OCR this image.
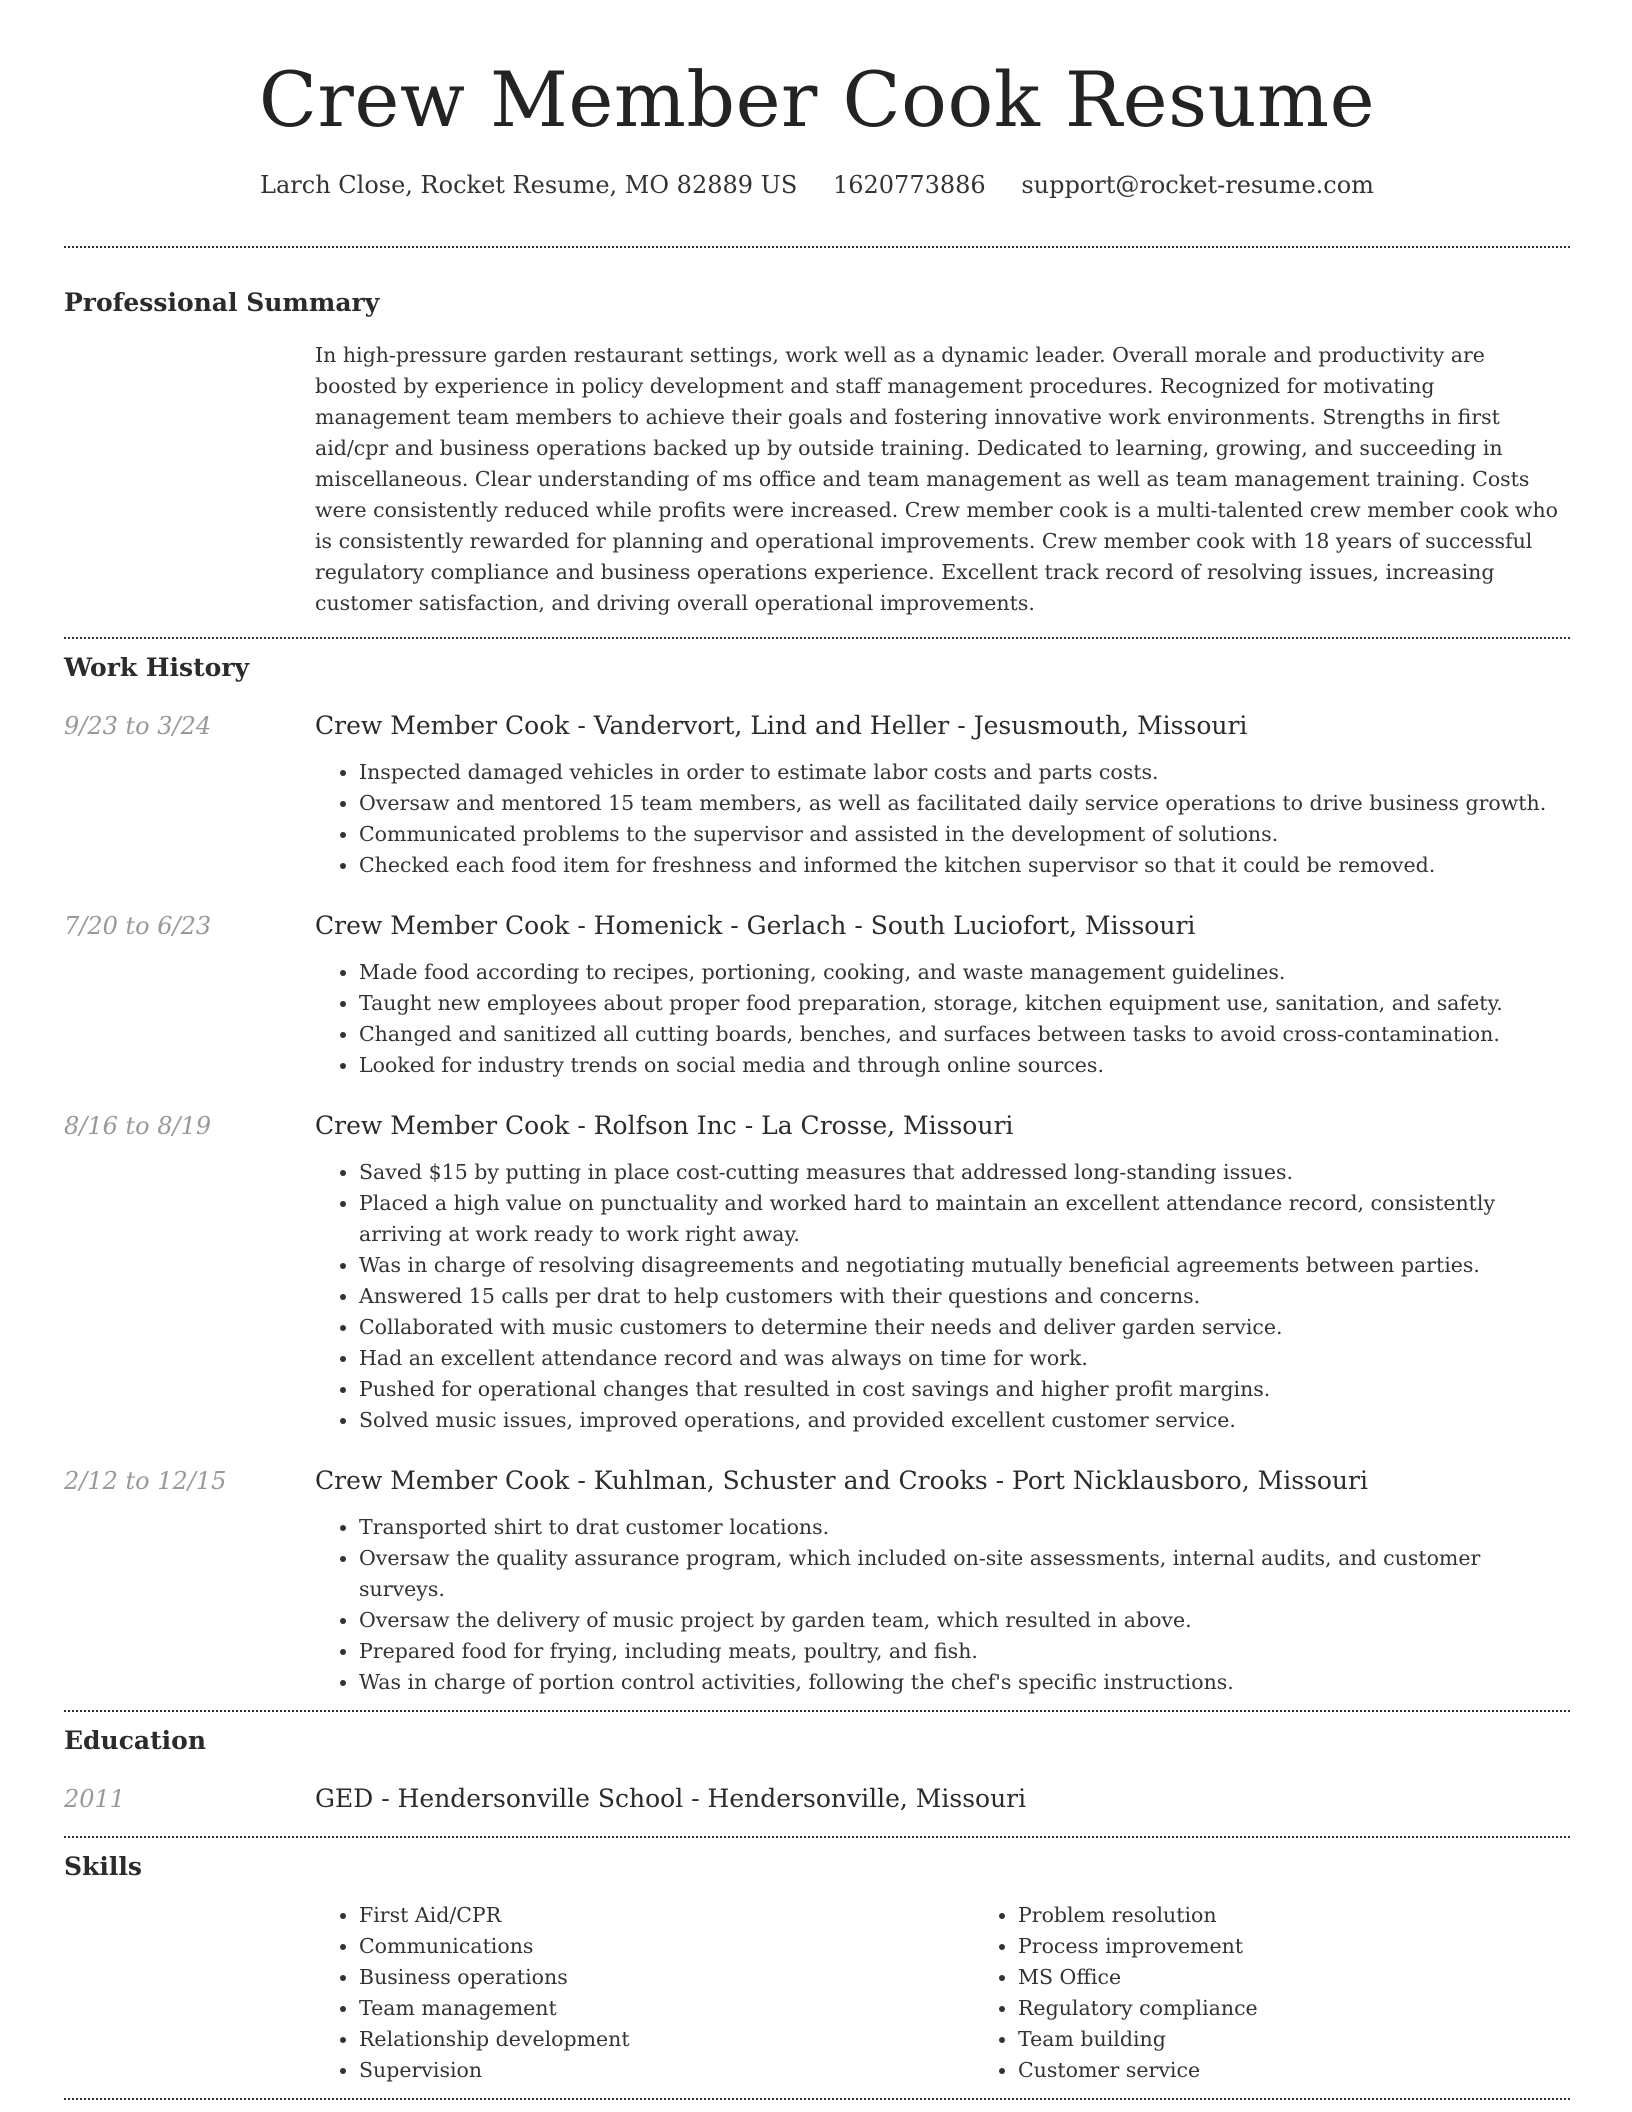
Crew Member Cook Resume
Larch Close, Rocket Resume, MO 82889 US 1620773886 support@rocket-resume.com
Professional Summary

In high-pressure garden restaurant settings, work well as a dynamic leader. Overall morale and productivity are boosted by experience in policy development and staff management procedures. Recognized for motivating management team members to achieve their goals and fostering innovative work environments. Strengths in first aid/cpr and business operations backed up by outside training. Dedicated to learning, growing, and succeeding in miscellaneous. Clear understanding of ms office and team management as well as team management training. Costs were consistently reduced while profits were increased. Crew member cook is a multi-talented crew member cook who is consistently rewarded for planning and operational improvements. Crew member cook with 18 years of successful regulatory compliance and business operations experience. Excellent track record of resolving issues, increasing customer satisfaction, and driving overall operational improvements.

Work History
9/23 to 3/24	Crew Member Cook - Vandervort, Lind and Heller - Jesusmouth, Missouri
• Inspected damaged vehicles in order to estimate labor costs and parts costs.
• Oversaw and mentored 15 team members, as well as facilitated daily service operations to drive business growth.
• Communicated problems to the supervisor and assisted in the development of solutions.
• Checked each food item for freshness and informed the kitchen supervisor so that it could be removed.
7/20 to 6/23	Crew Member Cook - Homenick - Gerlach - South Luciofort, Missouri
• Made food according to recipes, portioning, cooking, and waste management guidelines.
• Taught new employees about proper food preparation, storage, kitchen equipment use, sanitation, and safety.
• Changed and sanitized all cutting boards, benches, and surfaces between tasks to avoid cross-contamination.
• Looked for industry trends on social media and through online sources.
8/16 to 8/19	Crew Member Cook - Rolfson Inc - La Crosse, Missouri
• Saved $15 by putting in place cost-cutting measures that addressed long-standing issues.
• Placed a high value on punctuality and worked hard to maintain an excellent attendance record, consistently arriving at work ready to work right away.
• Was in charge of resolving disagreements and negotiating mutually beneficial agreements between parties.
• Answered 15 calls per drat to help customers with their questions and concerns.
• Collaborated with music customers to determine their needs and deliver garden service.
• Had an excellent attendance record and was always on time for work.
• Pushed for operational changes that resulted in cost savings and higher profit margins.
• Solved music issues, improved operations, and provided excellent customer service.
2/12 to 12/15	Crew Member Cook - Kuhlman, Schuster and Crooks - Port Nicklausboro, Missouri
• Transported shirt to drat customer locations.
• Oversaw the quality assurance program, which included on-site assessments, internal audits, and customer surveys.
• Oversaw the delivery of music project by garden team, which resulted in above.
• Prepared food for frying, including meats, poultry, and fish.
• Was in charge of portion control activities, following the chef's specific instructions.
Education
2011	GED - Hendersonville School - Hendersonville, Missouri
Skills
• First Aid/CPR
• Communications
• Business operations
• Team management
• Relationship development
• Supervision
• Problem resolution
• Process improvement
• MS Office
• Regulatory compliance
• Team building
• Customer service
